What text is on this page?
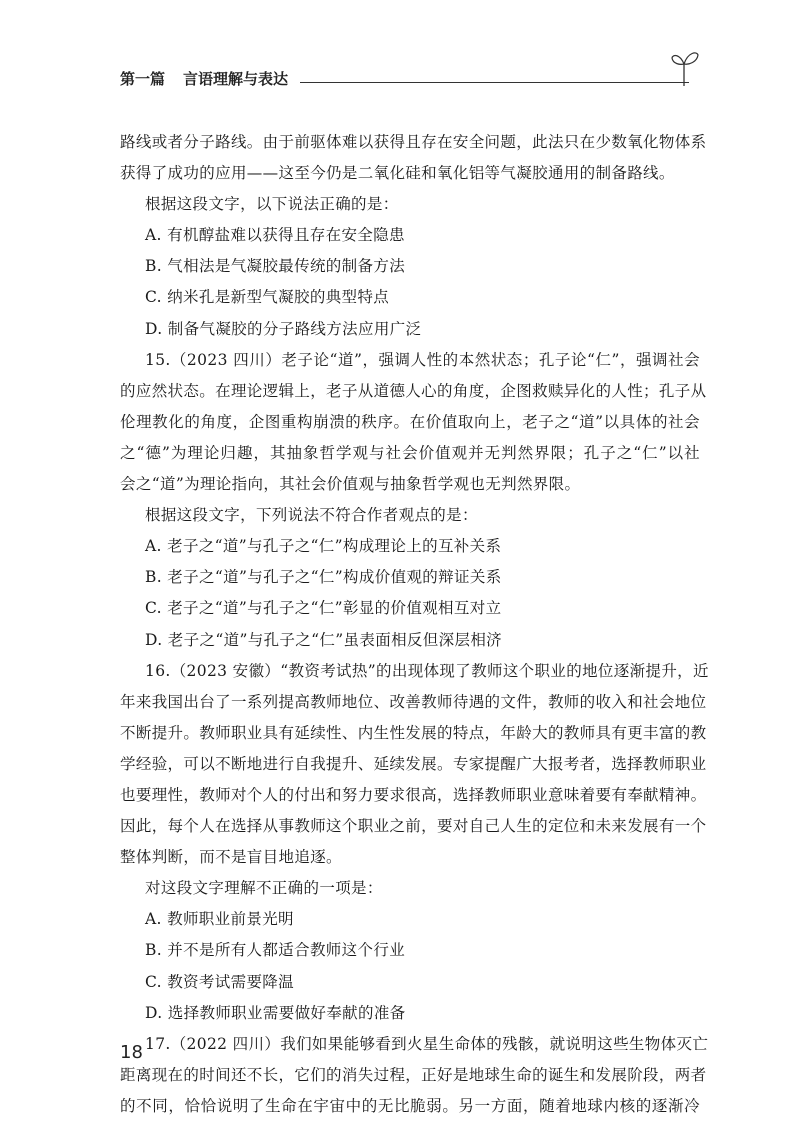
第一篇 言语理解与表达
路线或者分子路线。由于前驱体难以获得且存在安全问题，此法只在少数氧化物体系
获得了成功的应用——这至今仍是二氧化硅和氧化铝等气凝胶通用的制备路线。
根据这段文字，以下说法正确的是：
A. 有机醇盐难以获得且存在安全隐患
B. 气相法是气凝胶最传统的制备方法
C. 纳米孔是新型气凝胶的典型特点
D. 制备气凝胶的分子路线方法应用广泛
15.（2023 四川）老子论“道”，强调人性的本然状态；孔子论“仁”，强调社会
的应然状态。在理论逻辑上，老子从道德人心的角度，企图救赎异化的人性；孔子从
伦理教化的角度，企图重构崩溃的秩序。在价值取向上，老子之“道”以具体的社会
之“德”为理论归趣，其抽象哲学观与社会价值观并无判然界限；孔子之“仁”以社
会之“道”为理论指向，其社会价值观与抽象哲学观也无判然界限。
根据这段文字，下列说法不符合作者观点的是：
A. 老子之“道”与孔子之“仁”构成理论上的互补关系
B. 老子之“道”与孔子之“仁”构成价值观的辩证关系
C. 老子之“道”与孔子之“仁”彰显的价值观相互对立
D. 老子之“道”与孔子之“仁”虽表面相反但深层相济
16.（2023 安徽）“教资考试热”的出现体现了教师这个职业的地位逐渐提升，近
年来我国出台了一系列提高教师地位、改善教师待遇的文件，教师的收入和社会地位
不断提升。教师职业具有延续性、内生性发展的特点，年龄大的教师具有更丰富的教
学经验，可以不断地进行自我提升、延续发展。专家提醒广大报考者，选择教师职业
也要理性，教师对个人的付出和努力要求很高，选择教师职业意味着要有奉献精神。
因此，每个人在选择从事教师这个职业之前，要对自己人生的定位和未来发展有一个
整体判断，而不是盲目地追逐。
对这段文字理解不正确的一项是：
A. 教师职业前景光明
B. 并不是所有人都适合教师这个行业
C. 教资考试需要降温
D. 选择教师职业需要做好奉献的准备
17.（2022 四川）我们如果能够看到火星生命体的残骸，就说明这些生物体灭亡
距离现在的时间还不长，它们的消失过程，正好是地球生命的诞生和发展阶段，两者
的不同，恰恰说明了生命在宇宙中的无比脆弱。另一方面，随着地球内核的逐渐冷
18
